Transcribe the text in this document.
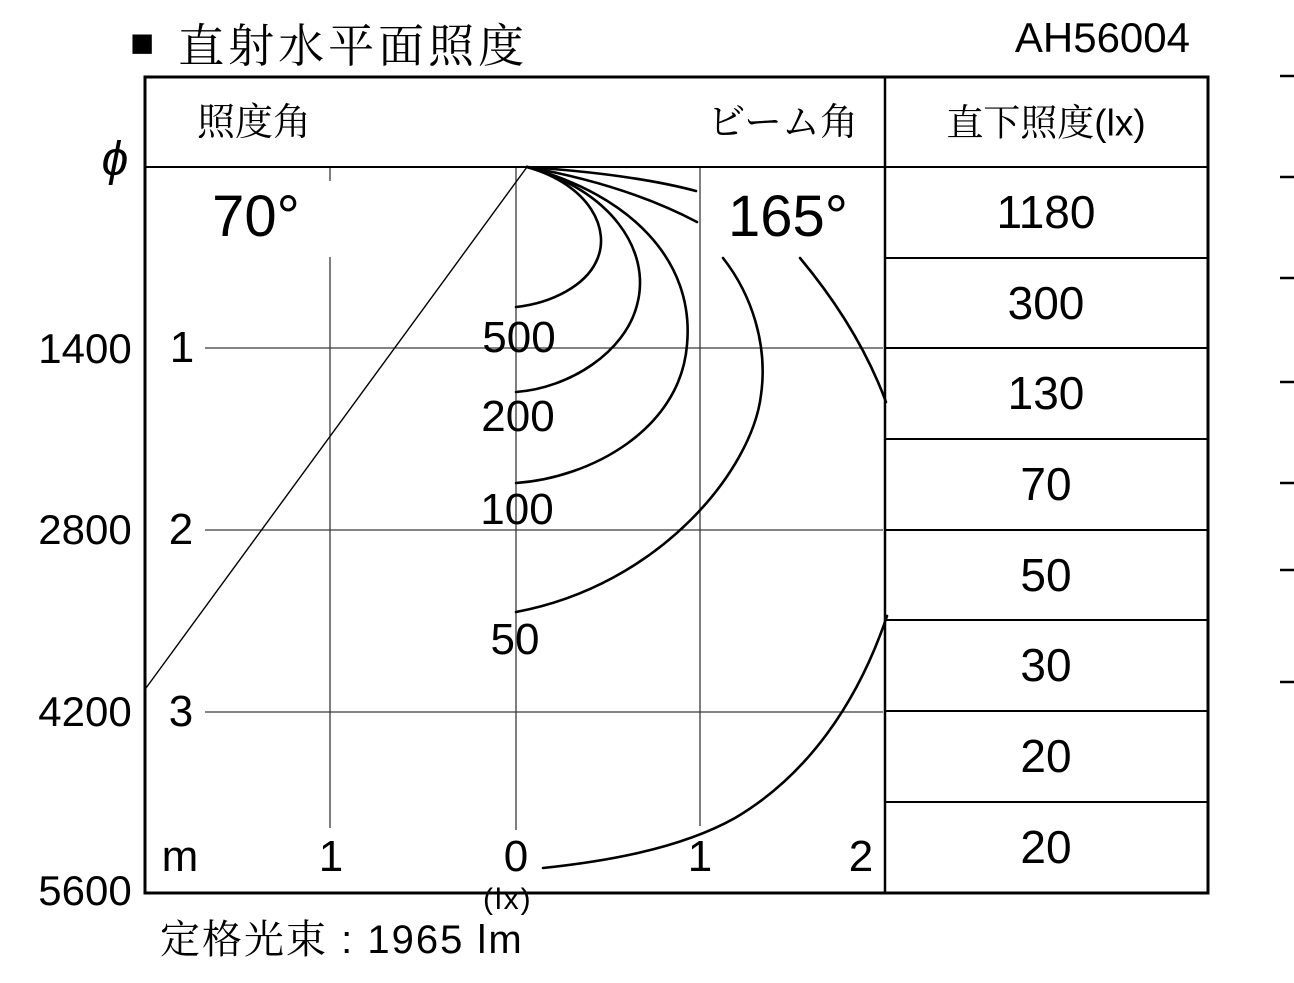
■ 直射水平面照度	AH56004
照度角	ビーム角 直下照度(lx)
70°	165°
ϕ
1400
2800
4200
5600
1
2
3
m	1	0	1	2
500
200
100
50
(lx)
1180
300
130
70
50
30
20
20
定格光束 : 1965 lm
